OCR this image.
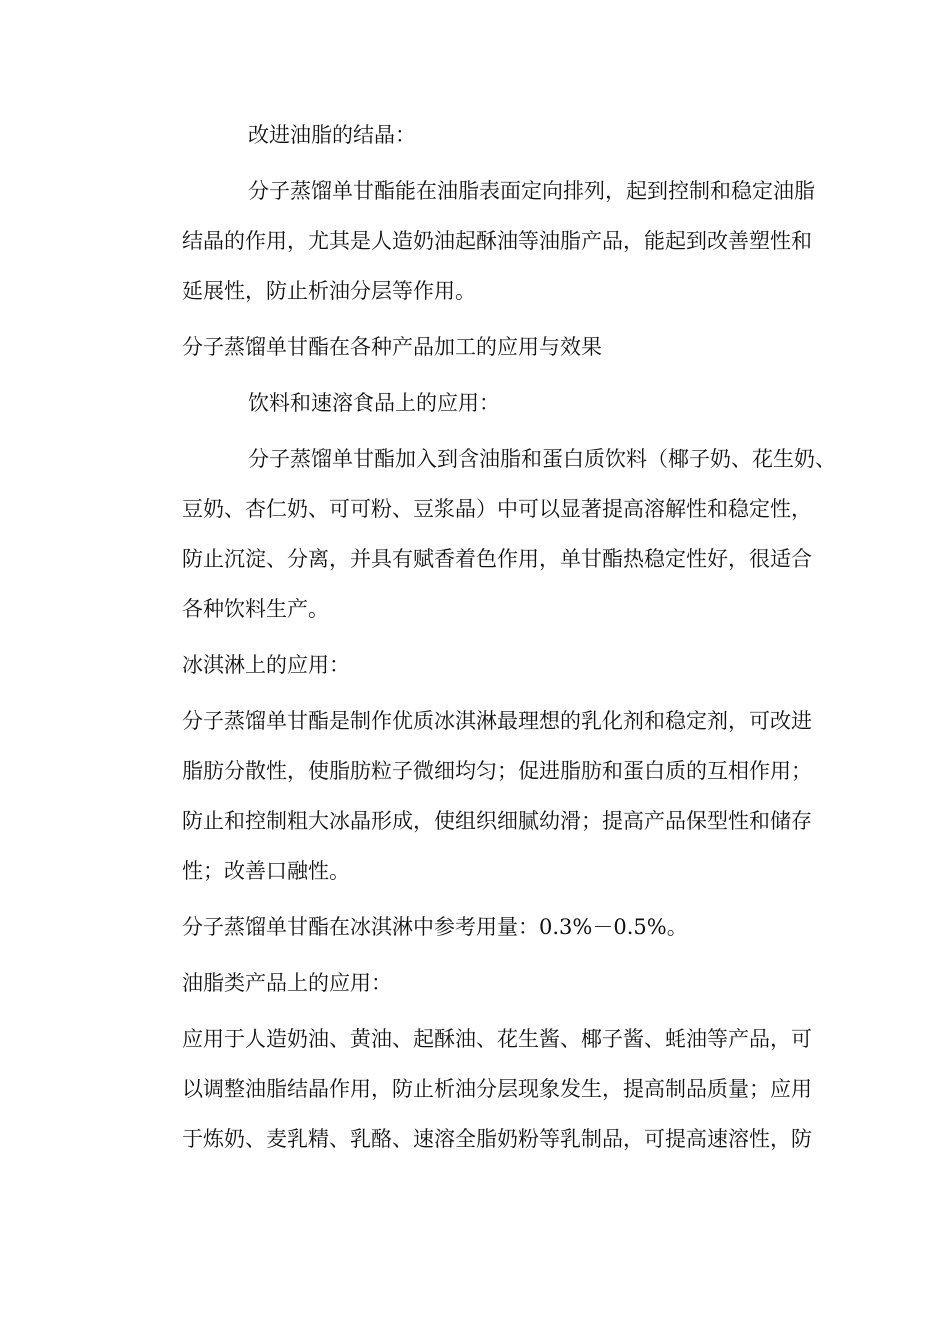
改进油脂的结晶：
分子蒸馏单甘酯能在油脂表面定向排列，起到控制和稳定油脂
结晶的作用，尤其是人造奶油起酥油等油脂产品，能起到改善塑性和
延展性，防止析油分层等作用。
分子蒸馏单甘酯在各种产品加工的应用与效果
饮料和速溶食品上的应用：
分子蒸馏单甘酯加入到含油脂和蛋白质饮料（椰子奶、花生奶、
豆奶、杏仁奶、可可粉、豆浆晶）中可以显著提高溶解性和稳定性，
防止沉淀、分离，并具有赋香着色作用，单甘酯热稳定性好，很适合
各种饮料生产。
冰淇淋上的应用：
分子蒸馏单甘酯是制作优质冰淇淋最理想的乳化剂和稳定剂，可改进
脂肪分散性，使脂肪粒子微细均匀；促进脂肪和蛋白质的互相作用；
防止和控制粗大冰晶形成，使组织细腻幼滑；提高产品保型性和储存
性；改善口融性。
分子蒸馏单甘酯在冰淇淋中参考用量：0.3%－0.5%。
油脂类产品上的应用：
应用于人造奶油、黄油、起酥油、花生酱、椰子酱、蚝油等产品，可
以调整油脂结晶作用，防止析油分层现象发生，提高制品质量；应用
于炼奶、麦乳精、乳酪、速溶全脂奶粉等乳制品，可提高速溶性，防
